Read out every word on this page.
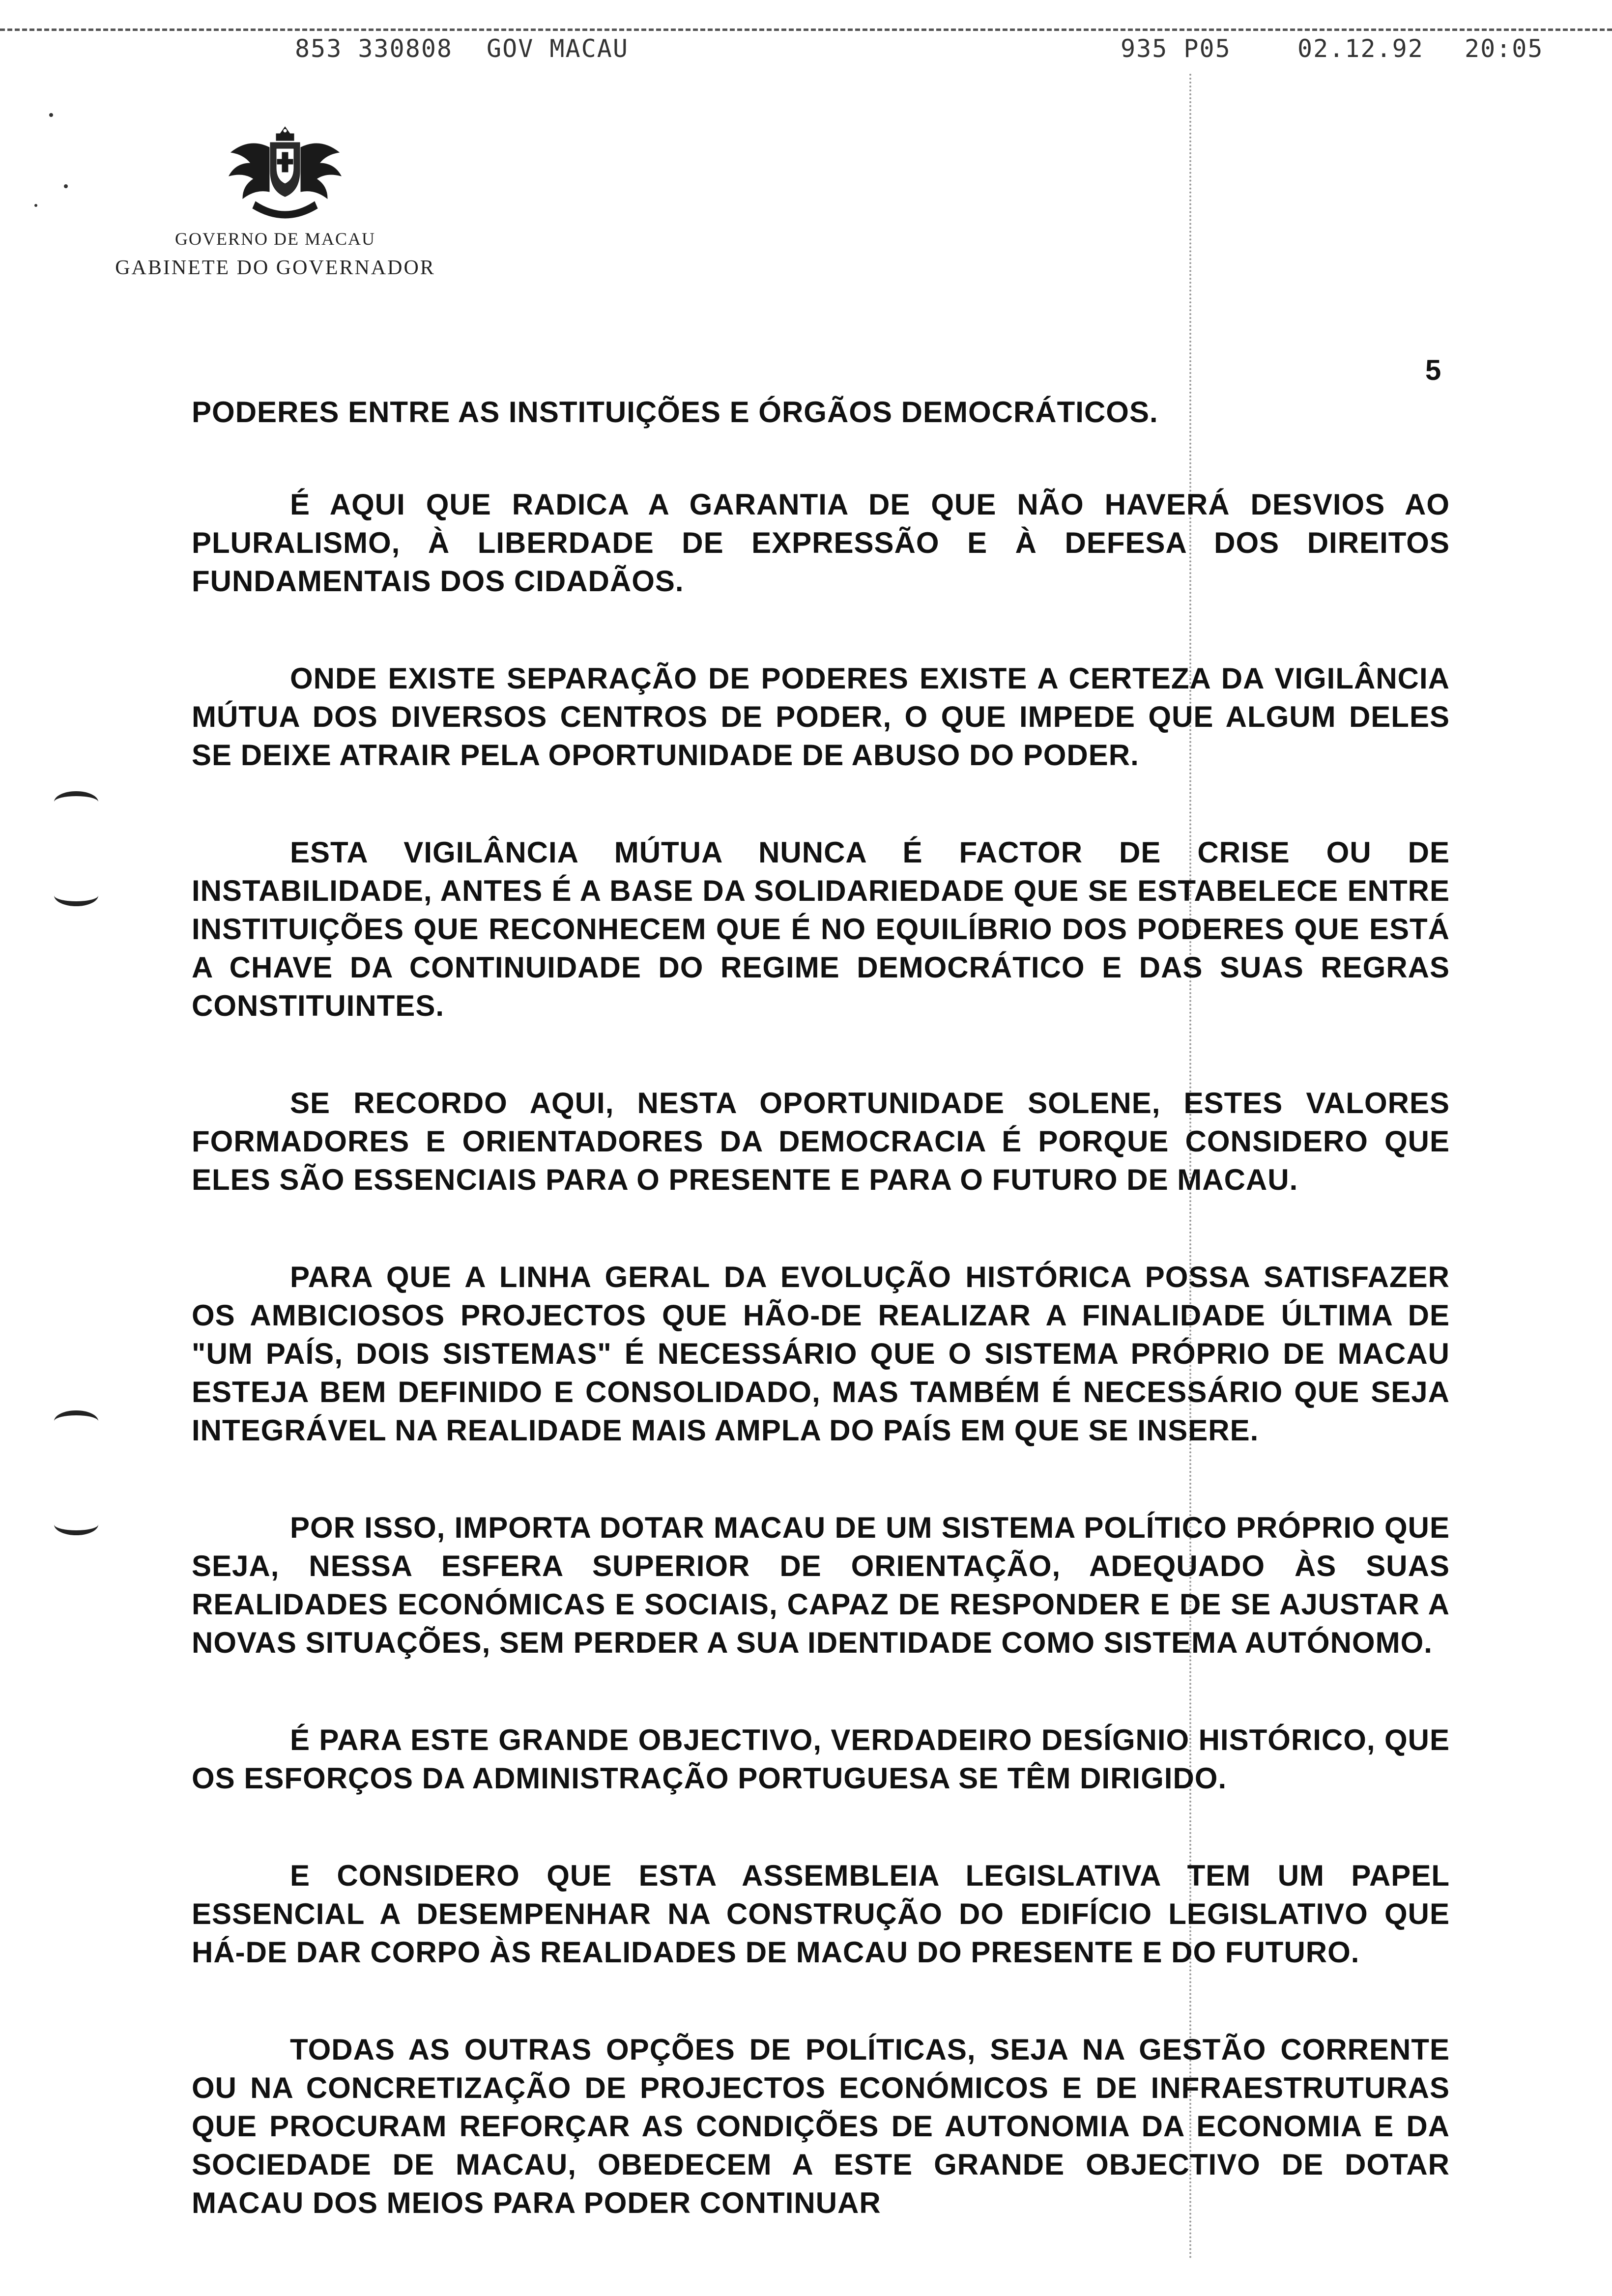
853 330808 GOV MACAU	935 P05	02.12.92 20:05
GOVERNO DE MACAU
GABINETE DO GOVERNADOR
5

PODERES ENTRE AS INSTITUIÇÕES E ÓRGÃOS DEMOCRÁTICOS.

É AQUI QUE RADICA A GARANTIA DE QUE NÃO HAVERÁ DESVIOS AO PLURALISMO, À LIBERDADE DE EXPRESSÃO E À DEFESA DOS DIREITOS FUNDAMENTAIS DOS CIDADÃOS.

ONDE EXISTE SEPARAÇÃO DE PODERES EXISTE A CERTEZA DA VIGILÂNCIA MÚTUA DOS DIVERSOS CENTROS DE PODER, O QUE IMPEDE QUE ALGUM DELES SE DEIXE ATRAIR PELA OPORTUNIDADE DE ABUSO DO PODER.

ESTA VIGILÂNCIA MÚTUA NUNCA É FACTOR DE CRISE OU DE INSTABILIDADE, ANTES É A BASE DA SOLIDARIEDADE QUE SE ESTABELECE ENTRE INSTITUIÇÕES QUE RECONHECEM QUE É NO EQUILÍBRIO DOS PODERES QUE ESTÁ A CHAVE DA CONTINUIDADE DO REGIME DEMOCRÁTICO E DAS SUAS REGRAS CONSTITUINTES.

SE RECORDO AQUI, NESTA OPORTUNIDADE SOLENE, ESTES VALORES FORMADORES E ORIENTADORES DA DEMOCRACIA É PORQUE CONSIDERO QUE ELES SÃO ESSENCIAIS PARA O PRESENTE E PARA O FUTURO DE MACAU.

PARA QUE A LINHA GERAL DA EVOLUÇÃO HISTÓRICA POSSA SATISFAZER OS AMBICIOSOS PROJECTOS QUE HÃO-DE REALIZAR A FINALIDADE ÚLTIMA DE "UM PAÍS, DOIS SISTEMAS" É NECESSÁRIO QUE O SISTEMA PRÓPRIO DE MACAU ESTEJA BEM DEFINIDO E CONSOLIDADO, MAS TAMBÉM É NECESSÁRIO QUE SEJA INTEGRÁVEL NA REALIDADE MAIS AMPLA DO PAÍS EM QUE SE INSERE.

POR ISSO, IMPORTA DOTAR MACAU DE UM SISTEMA POLÍTICO PRÓPRIO QUE SEJA, NESSA ESFERA SUPERIOR DE ORIENTAÇÃO, ADEQUADO ÀS SUAS REALIDADES ECONÓMICAS E SOCIAIS, CAPAZ DE RESPONDER E DE SE AJUSTAR A NOVAS SITUAÇÕES, SEM PERDER A SUA IDENTIDADE COMO SISTEMA AUTÓNOMO.

É PARA ESTE GRANDE OBJECTIVO, VERDADEIRO DESÍGNIO HISTÓRICO, QUE OS ESFORÇOS DA ADMINISTRAÇÃO PORTUGUESA SE TÊM DIRIGIDO.

E CONSIDERO QUE ESTA ASSEMBLEIA LEGISLATIVA TEM UM PAPEL ESSENCIAL A DESEMPENHAR NA CONSTRUÇÃO DO EDIFÍCIO LEGISLATIVO QUE HÁ-DE DAR CORPO ÀS REALIDADES DE MACAU DO PRESENTE E DO FUTURO.

TODAS AS OUTRAS OPÇÕES DE POLÍTICAS, SEJA NA GESTÃO CORRENTE OU NA CONCRETIZAÇÃO DE PROJECTOS ECONÓMICOS E DE INFRAESTRUTURAS QUE PROCURAM REFORÇAR AS CONDIÇÕES DE AUTONOMIA DA ECONOMIA E DA SOCIEDADE DE MACAU, OBEDECEM A ESTE GRANDE OBJECTIVO DE DOTAR MACAU DOS MEIOS PARA PODER CONTINUAR
